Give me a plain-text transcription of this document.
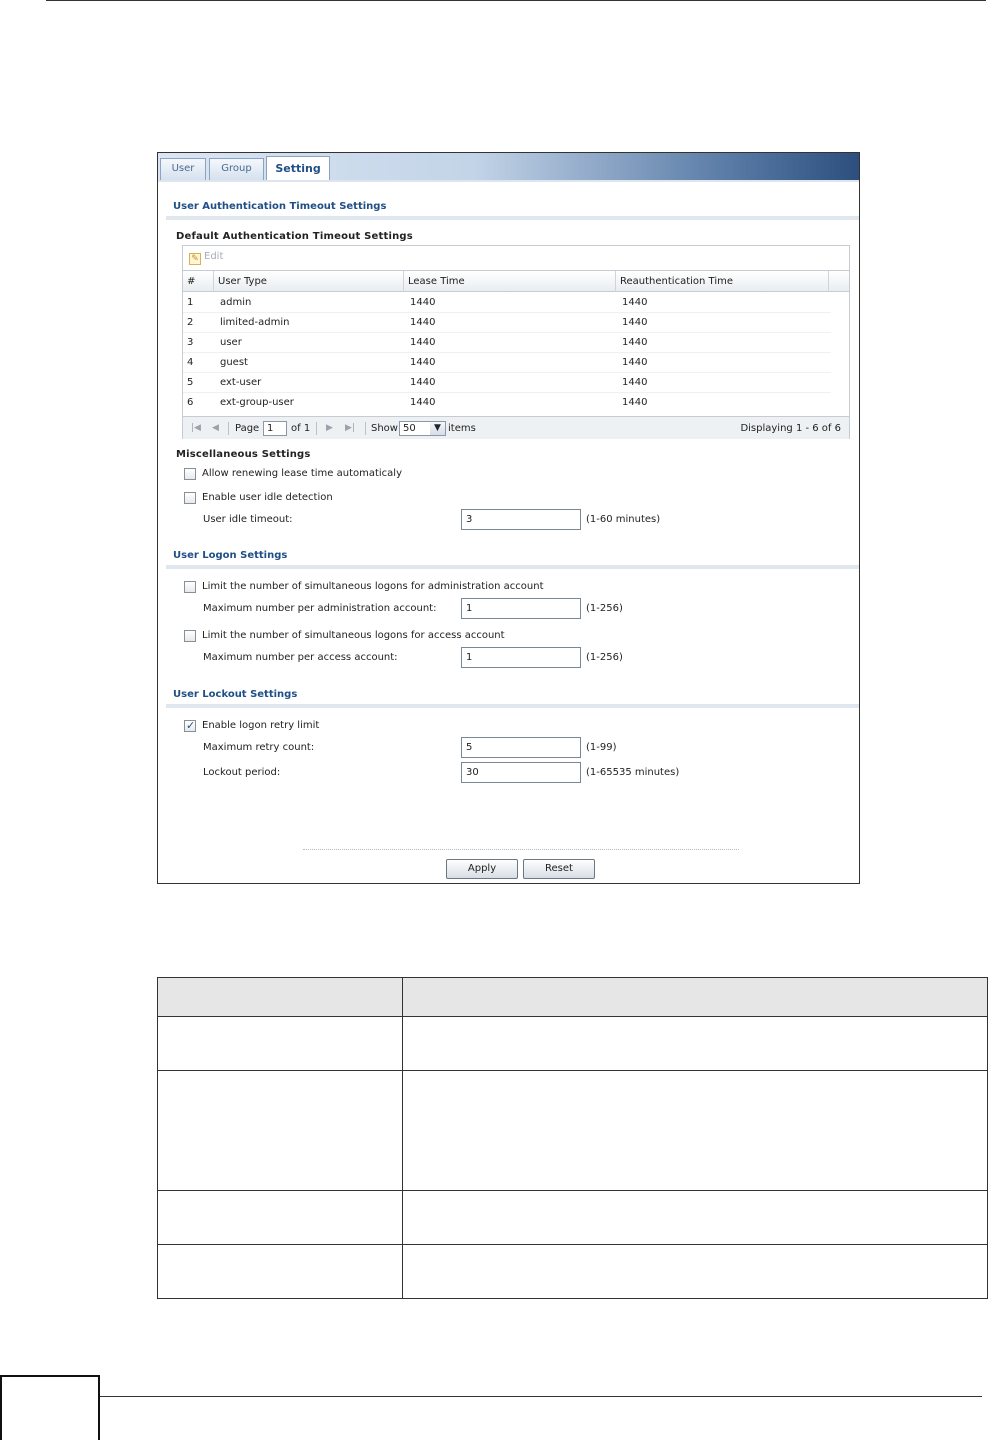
User	Group	Setting
User Authentication Timeout Settings
Default Authentication Timeout Settings
✎ Edit
#	User Type	Lease Time	Reauthentication Time
1	admin	1440	1440
2	limited-admin	1440	1440
3	user	1440	1440
4	guest	1440	1440
5	ext-user	1440	1440
6	ext-group-user	1440	1440
|◀ ◀ Page 1	of 1 ▶ ▶| Show 50	▼ items	Displaying 1 - 6 of 6
Miscellaneous Settings
Allow renewing lease time automaticaly
Enable user idle detection
User idle timeout:	3	(1-60 minutes)
User Logon Settings
Limit the number of simultaneous logons for administration account
Maximum number per administration account:	1	(1-256)
Limit the number of simultaneous logons for access account
Maximum number per access account:	1	(1-256)
User Lockout Settings
✓
Enable logon retry limit
Maximum retry count:	5	(1-99)
Lockout period:	30	(1-65535 minutes)
Apply	Reset
